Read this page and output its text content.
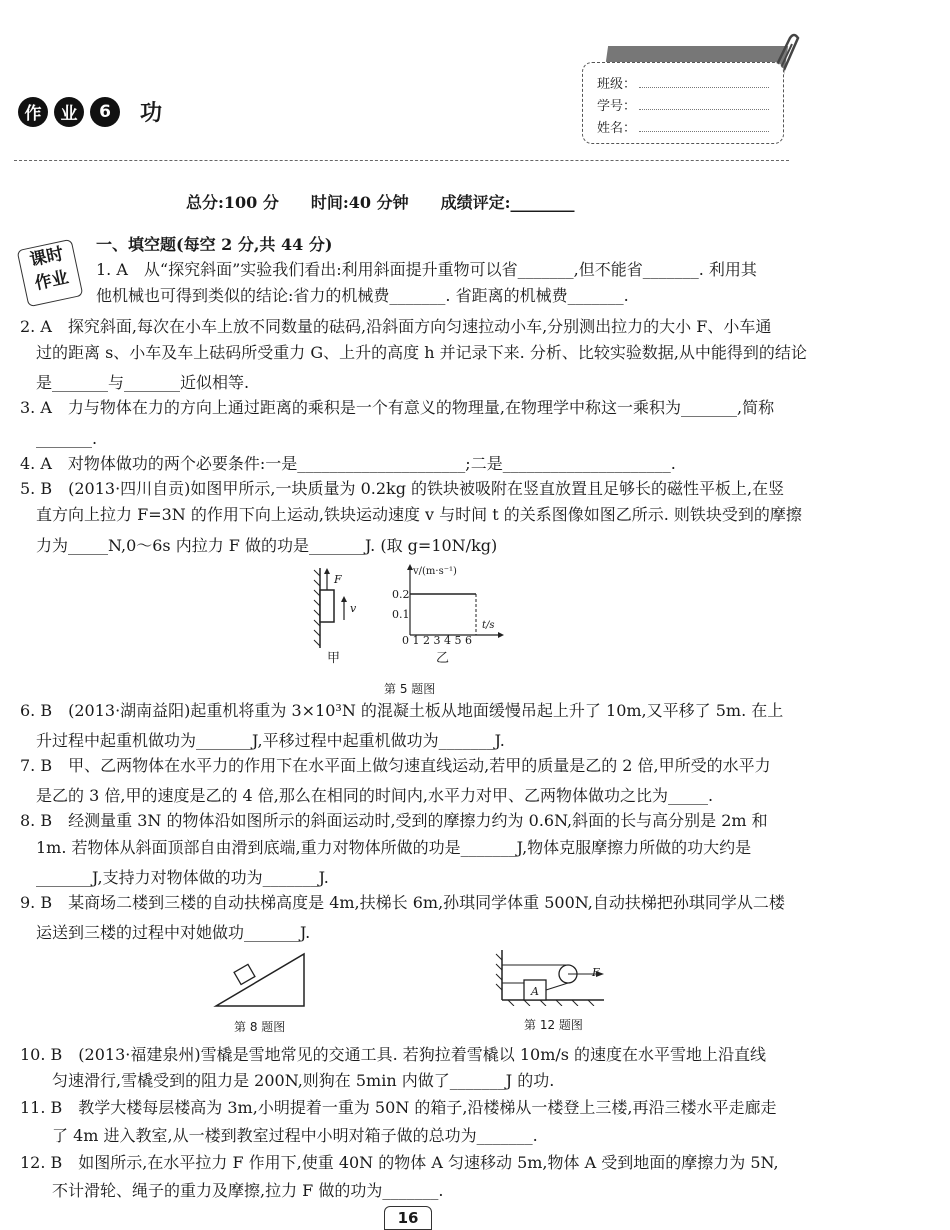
作	业	6	功
班级：
学号：
姓名：
总分:100 分　　时间:40 分钟　　成绩评定:________
课时
作业
一、填空题(每空 2 分,共 44 分)
1. A　从“探究斜面”实验我们看出:利用斜面提升重物可以省_______,但不能省_______. 利用其
他机械也可得到类似的结论:省力的机械费_______. 省距离的机械费_______.
2. A　探究斜面,每次在小车上放不同数量的砝码,沿斜面方向匀速拉动小车,分别测出拉力的大小 F、小车通
过的距离 s、小车及车上砝码所受重力 G、上升的高度 h 并记录下来. 分析、比较实验数据,从中能得到的结论
是_______与_______近似相等.
3. A　力与物体在力的方向上通过距离的乘积是一个有意义的物理量,在物理学中称这一乘积为_______,简称
_______.
4. A　对物体做功的两个必要条件:一是_____________________;二是_____________________.
5. B　(2013·四川自贡)如图甲所示,一块质量为 0.2kg 的铁块被吸附在竖直放置且足够长的磁性平板上,在竖
直方向上拉力 F=3N 的作用下向上运动,铁块运动速度 v 与时间 t 的关系图像如图乙所示. 则铁块受到的摩擦
力为_____N,0～6s 内拉力 F 做的功是_______J. (取 g=10N/kg)
F
v
甲
v/(m·s⁻¹)
0.2
0.1
t/s
0 1 2 3 4 5 6
乙
第 5 题图
6. B　(2013·湖南益阳)起重机将重为 3×10³N 的混凝土板从地面缓慢吊起上升了 10m,又平移了 5m. 在上
升过程中起重机做功为_______J,平移过程中起重机做功为_______J.
7. B　甲、乙两物体在水平力的作用下在水平面上做匀速直线运动,若甲的质量是乙的 2 倍,甲所受的水平力
是乙的 3 倍,甲的速度是乙的 4 倍,那么在相同的时间内,水平力对甲、乙两物体做功之比为_____.
8. B　经测量重 3N 的物体沿如图所示的斜面运动时,受到的摩擦力约为 0.6N,斜面的长与高分别是 2m 和
1m. 若物体从斜面顶部自由滑到底端,重力对物体所做的功是_______J,物体克服摩擦力所做的功大约是
_______J,支持力对物体做的功为_______J.
9. B　某商场二楼到三楼的自动扶梯高度是 4m,扶梯长 6m,孙琪同学体重 500N,自动扶梯把孙琪同学从二楼
运送到三楼的过程中对她做功_______J.
第 8 题图
A
F
第 12 题图
10. B　(2013·福建泉州)雪橇是雪地常见的交通工具. 若狗拉着雪橇以 10m/s 的速度在水平雪地上沿直线
匀速滑行,雪橇受到的阻力是 200N,则狗在 5min 内做了_______J 的功.
11. B　教学大楼每层楼高为 3m,小明提着一重为 50N 的箱子,沿楼梯从一楼登上三楼,再沿三楼水平走廊走
了 4m 进入教室,从一楼到教室过程中小明对箱子做的总功为_______.
12. B　如图所示,在水平拉力 F 作用下,使重 40N 的物体 A 匀速移动 5m,物体 A 受到地面的摩擦力为 5N,
不计滑轮、绳子的重力及摩擦,拉力 F 做的功为_______.
16
